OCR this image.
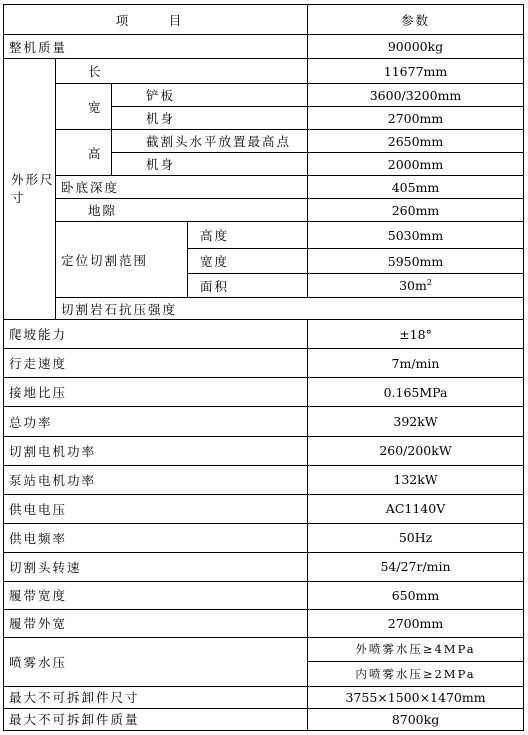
项　目				参数	
整机质量				90000kg	
外形尺寸	长			11677mm	
	宽	铲板		3600/3200mm	
		机身		2700mm	
	高	截割头水平放置最高点		2650mm	
		机身		2000mm	
	卧底深度			405mm	
	地隙			260mm	
	定位切割范围		高度	5030mm	
			宽度	5950mm	
			面积	$30m^2$
	切割岩石抗压强度	
爬坡能力				±18°	
行走速度				7m/min	
接地比压				0.165MPa	
总功率				392kW	
切割电机功率				260/200kW	
泵站电机功率				132kW	
供电电压				AC1140V	
供电频率				50Hz	
切割头转速				54/27r/min	
履带宽度				650mm	
履带外宽				2700mm	
喷雾水压				外喷雾水压≥4MPa	
				内喷雾水压≥2MPa	
最大不可拆卸件尺寸				3755×1500×1470mm	
最大不可拆卸件质量				8700kg	
